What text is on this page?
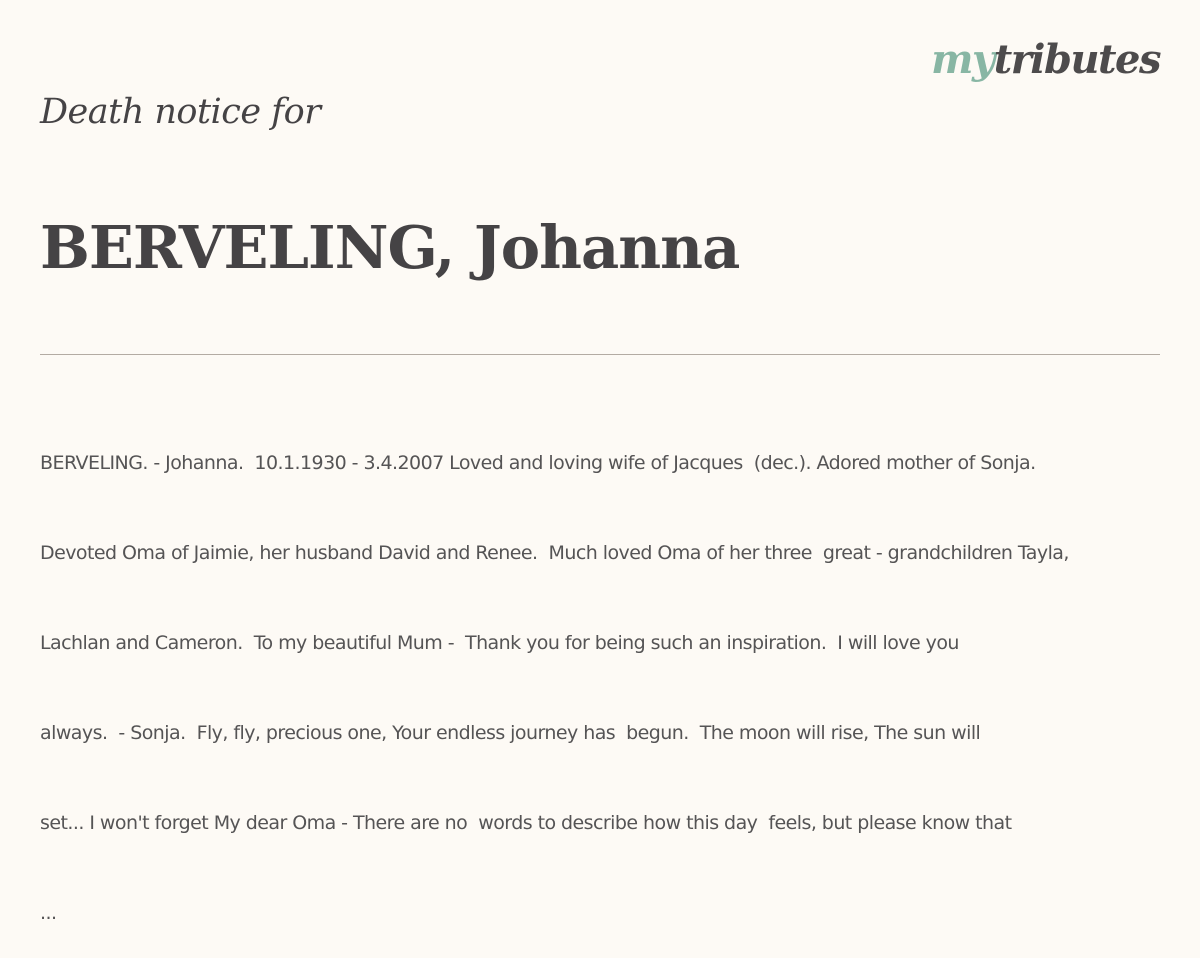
mytributes
Death notice for
BERVELING, Johanna

BERVELING. - Johanna.  10.1.1930 - 3.4.2007 Loved and loving wife of Jacques  (dec.). Adored mother of Sonja.

Devoted Oma of Jaimie, her husband David and Renee.  Much loved Oma of her three  great - grandchildren Tayla,

Lachlan and Cameron.  To my beautiful Mum -  Thank you for being such an inspiration.  I will love you

always.  - Sonja.  Fly, fly, precious one, Your endless journey has  begun.  The moon will rise, The sun will

set... I won't forget My dear Oma - There are no  words to describe how this day  feels, but please know that

...
